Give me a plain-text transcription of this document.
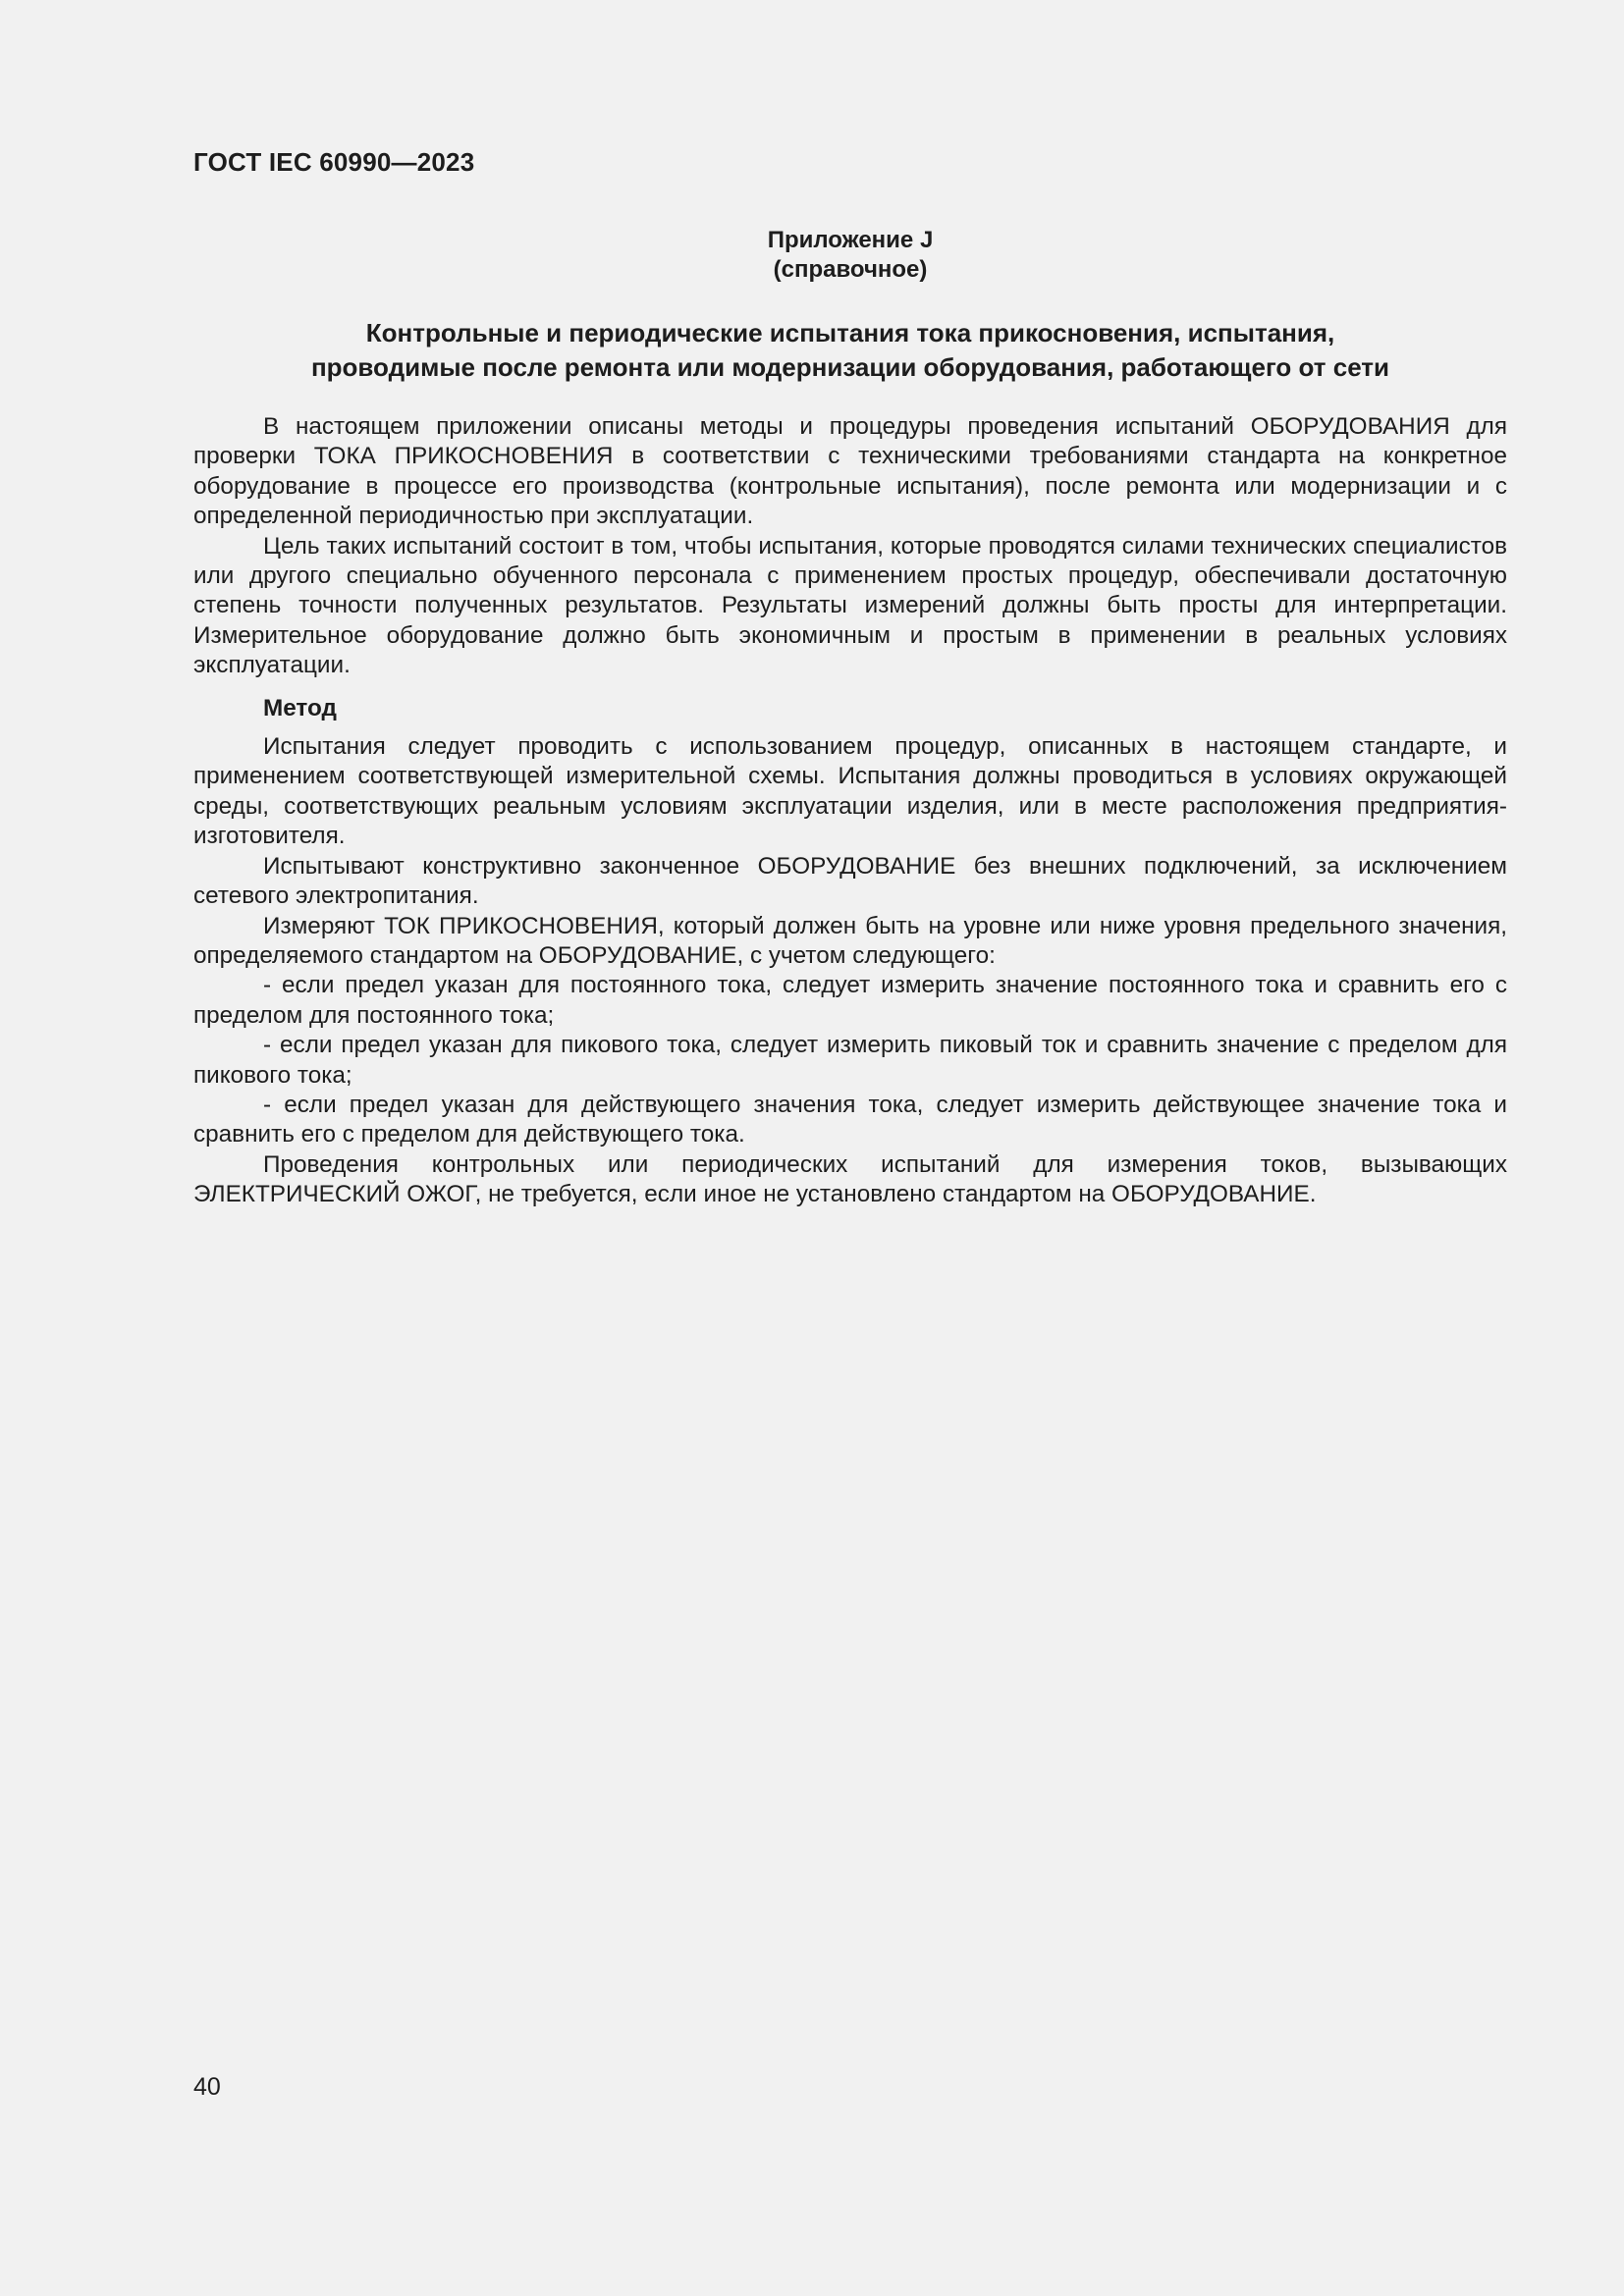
ГОСТ IEC 60990—2023
Приложение J
(справочное)
Контрольные и периодические испытания тока прикосновения, испытания,
проводимые после ремонта или модернизации оборудования, работающего от сети

В настоящем приложении описаны методы и процедуры проведения испытаний ОБОРУДОВАНИЯ для проверки ТОКА ПРИКОСНОВЕНИЯ в соответствии с техническими требованиями стандарта на конкретное оборудование в процессе его производства (контрольные испытания), после ремонта или модернизации и с определенной периодичностью при эксплуатации.

Цель таких испытаний состоит в том, чтобы испытания, которые проводятся силами технических специалистов или другого специально обученного персонала с применением простых процедур, обеспечивали достаточную степень точности полученных результатов. Результаты измерений должны быть просты для интерпретации. Измерительное оборудование должно быть экономичным и простым в применении в реальных условиях эксплуатации.

Метод

Испытания следует проводить с использованием процедур, описанных в настоящем стандарте, и применением соответствующей измерительной схемы. Испытания должны проводиться в условиях окружающей среды, соответствующих реальным условиям эксплуатации изделия, или в месте расположения предприятия-изготовителя.

Испытывают конструктивно законченное ОБОРУДОВАНИЕ без внешних подключений, за исключением сетевого электропитания.

Измеряют ТОК ПРИКОСНОВЕНИЯ, который должен быть на уровне или ниже уровня предельного значения, определяемого стандартом на ОБОРУДОВАНИЕ, с учетом следующего:

- если предел указан для постоянного тока, следует измерить значение постоянного тока и сравнить его с пределом для постоянного тока;

- если предел указан для пикового тока, следует измерить пиковый ток и сравнить значение с пределом для пикового тока;

- если предел указан для действующего значения тока, следует измерить действующее значение тока и сравнить его с пределом для действующего тока.

Проведения контрольных или периодических испытаний для измерения токов, вызывающих ЭЛЕКТРИЧЕСКИЙ ОЖОГ, не требуется, если иное не установлено стандартом на ОБОРУДОВАНИЕ.

40
